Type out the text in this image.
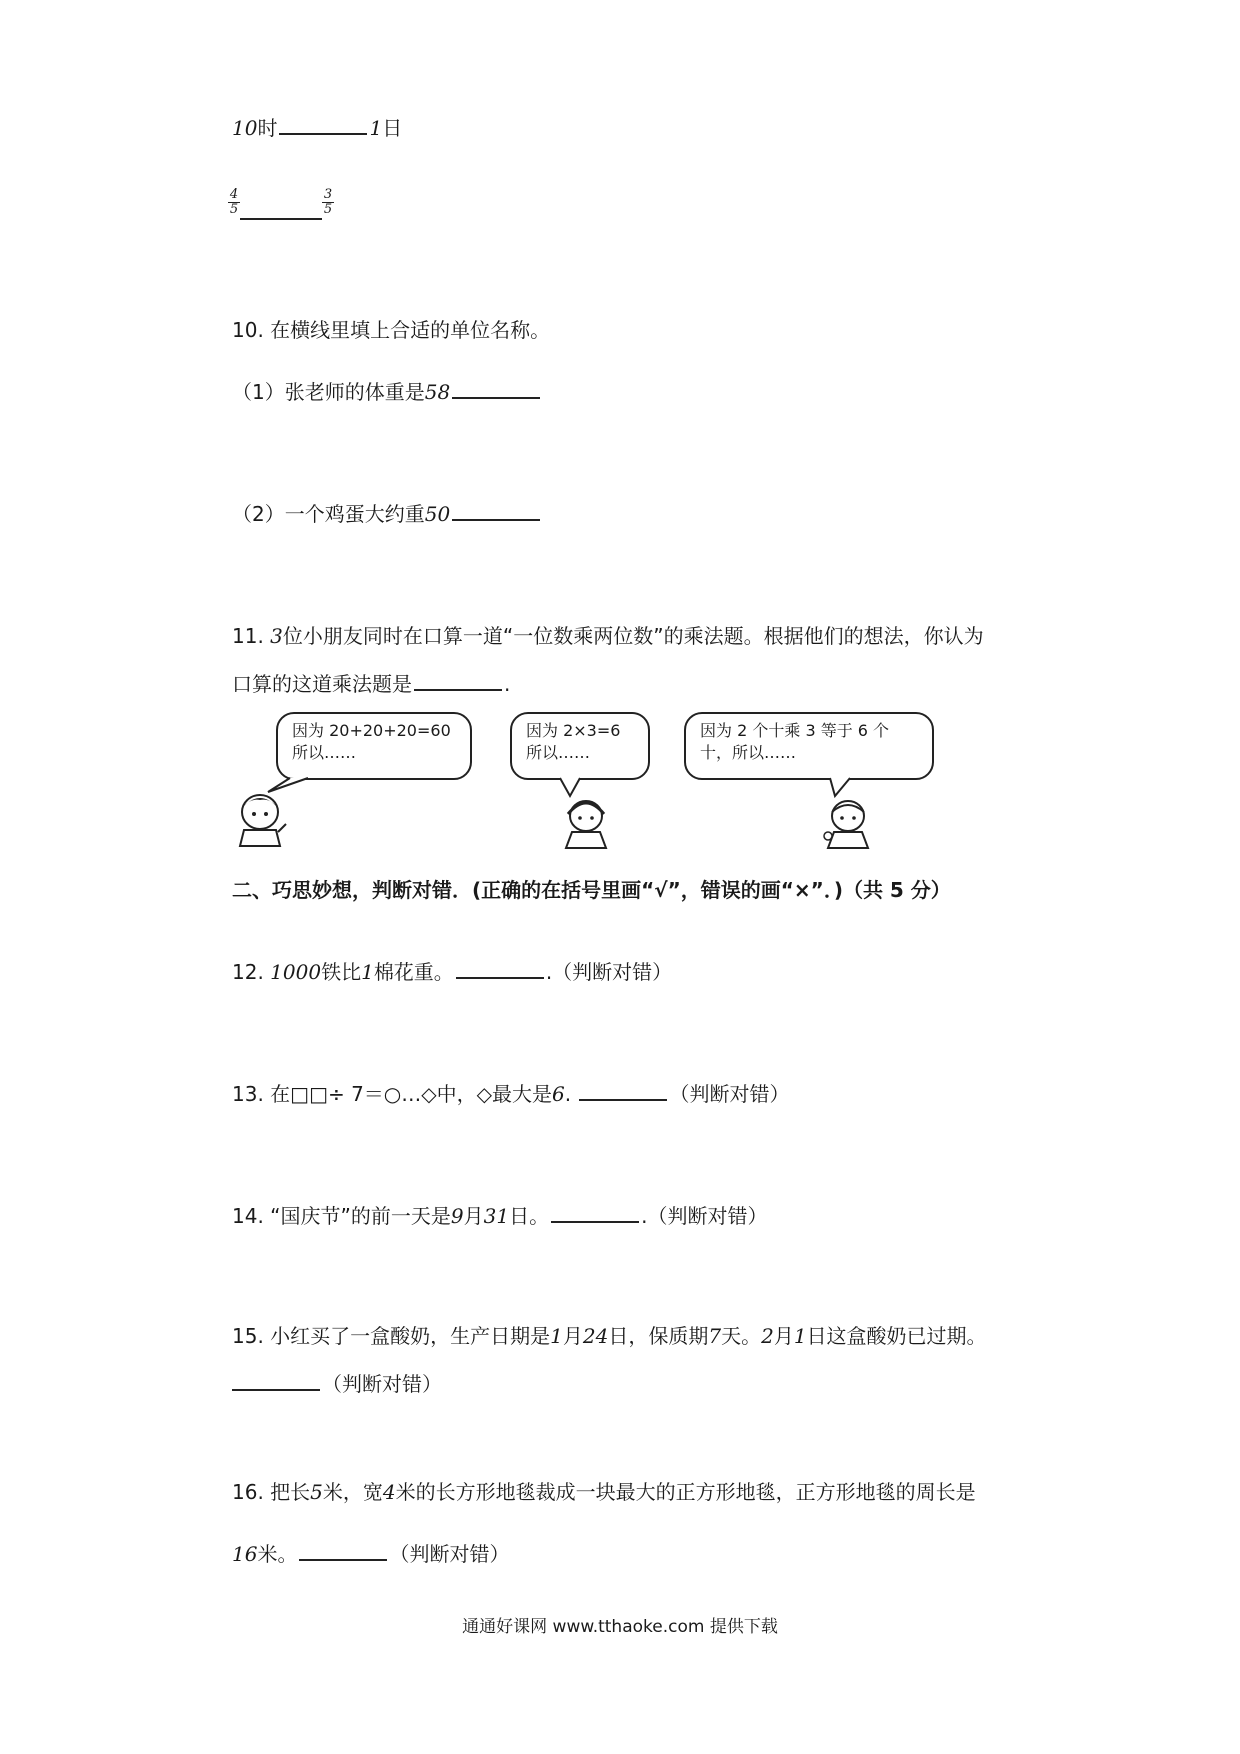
10时	1日
$\frac{4}{5}$	$\frac{3}{5}$
10. 在横线里填上合适的单位名称。
（1）张老师的体重是58
（2）一个鸡蛋大约重50
11. 3位小朋友同时在口算一道“一位数乘两位数”的乘法题。根据他们的想法，你认为
口算的这道乘法题是	.
因为 20+20+20=60
所以……
因为 2×3=6
所以……
因为 2 个十乘 3 等于 6 个
十，所以……
二、巧思妙想，判断对错．(正确的在括号里画“√”，错误的画“×”．)（共 5 分）
12. 1000铁比1棉花重。	.（判断对错）
13. 在□□÷ 7＝○…◇中，◇最大是6.	（判断对错）
14. “国庆节”的前一天是9月31日。	.（判断对错）
15. 小红买了一盒酸奶，生产日期是1月24日，保质期7天。2月1日这盒酸奶已过期。
（判断对错）
16. 把长5米，宽4米的长方形地毯裁成一块最大的正方形地毯，正方形地毯的周长是
16米。	（判断对错）
通通好课网 www.tthaoke.com 提供下载
